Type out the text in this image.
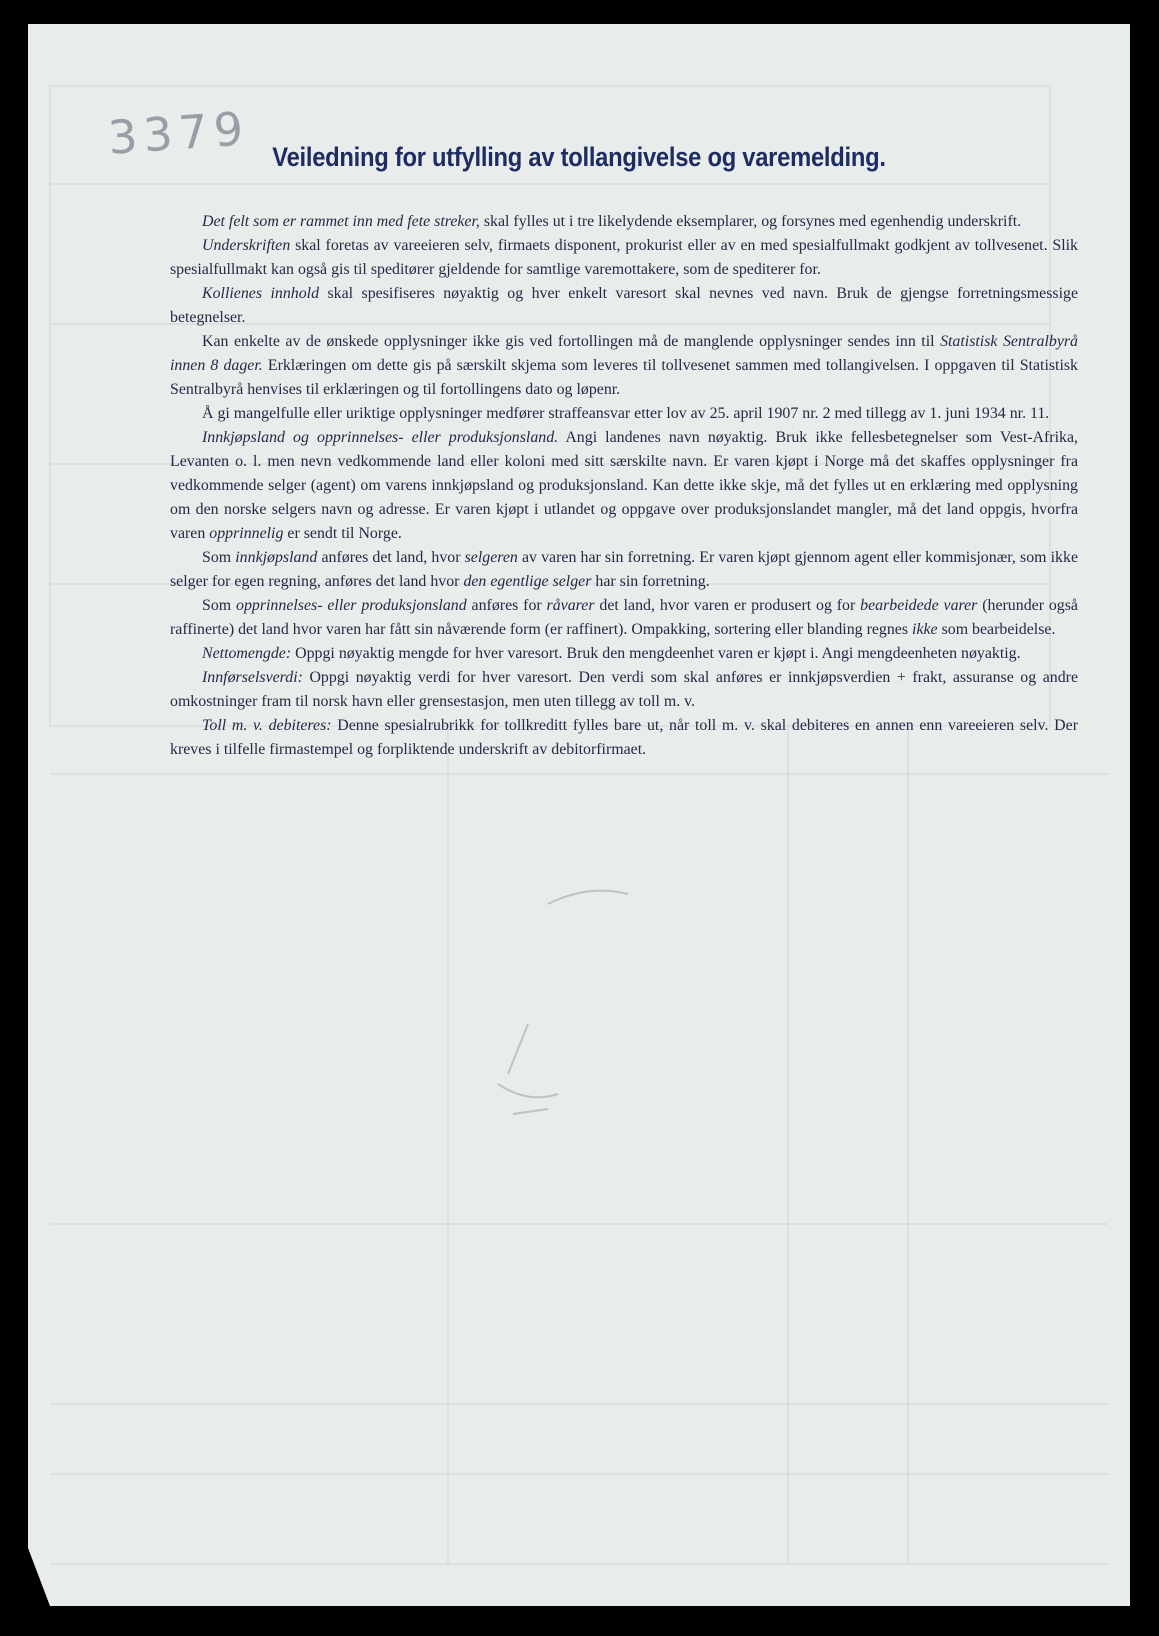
3379 Veiledning for utfylling av tollangivelse og varemelding.

Det felt som er rammet inn med fete streker, skal fylles ut i tre likelydende eksemplarer, og forsynes med egenhendig underskrift.

Underskriften skal foretas av vareeieren selv, firmaets disponent, prokurist eller av en med spesialfullmakt godkjent av tollvesenet. Slik spesialfullmakt kan også gis til speditører gjeldende for samtlige varemottakere, som de spediterer for.

Kollienes innhold skal spesifiseres nøyaktig og hver enkelt varesort skal nevnes ved navn. Bruk de gjengse forretningsmessige betegnelser.

Kan enkelte av de ønskede opplysninger ikke gis ved fortollingen må de manglende opplysninger sendes inn til Statistisk Sentralbyrå innen 8 dager. Erklæringen om dette gis på særskilt skjema som leveres til tollvesenet sammen med tollangivelsen. I oppgaven til Statistisk Sentralbyrå henvises til erklæringen og til fortollingens dato og løpenr.

Å gi mangelfulle eller uriktige opplysninger medfører straffeansvar etter lov av 25. april 1907 nr. 2 med tillegg av 1. juni 1934 nr. 11.

Innkjøpsland og opprinnelses- eller produksjonsland. Angi landenes navn nøyaktig. Bruk ikke fellesbetegnelser som Vest-Afrika, Levanten o. l. men nevn vedkommende land eller koloni med sitt særskilte navn. Er varen kjøpt i Norge må det skaffes opplysninger fra vedkommende selger (agent) om varens innkjøpsland og produksjonsland. Kan dette ikke skje, må det fylles ut en erklæring med opplysning om den norske selgers navn og adresse. Er varen kjøpt i utlandet og oppgave over produksjonslandet mangler, må det land oppgis, hvorfra varen opprinnelig er sendt til Norge.

Som innkjøpsland anføres det land, hvor selgeren av varen har sin forretning. Er varen kjøpt gjennom agent eller kommisjonær, som ikke selger for egen regning, anføres det land hvor den egentlige selger har sin forretning.

Som opprinnelses- eller produksjonsland anføres for råvarer det land, hvor varen er produsert og for bearbeidede varer (herunder også raffinerte) det land hvor varen har fått sin nåværende form (er raffinert). Ompakking, sortering eller blanding regnes ikke som bearbeidelse.

Nettomengde: Oppgi nøyaktig mengde for hver varesort. Bruk den mengdeenhet varen er kjøpt i. Angi mengdeenheten nøyaktig.

Innførselsverdi: Oppgi nøyaktig verdi for hver varesort. Den verdi som skal anføres er innkjøpsverdien + frakt, assuranse og andre omkostninger fram til norsk havn eller grensestasjon, men uten tillegg av toll m. v.

Toll m. v. debiteres: Denne spesialrubrikk for tollkreditt fylles bare ut, når toll m. v. skal debiteres en annen enn vareeieren selv. Der kreves i tilfelle firmastempel og forpliktende underskrift av debitorfirmaet.
